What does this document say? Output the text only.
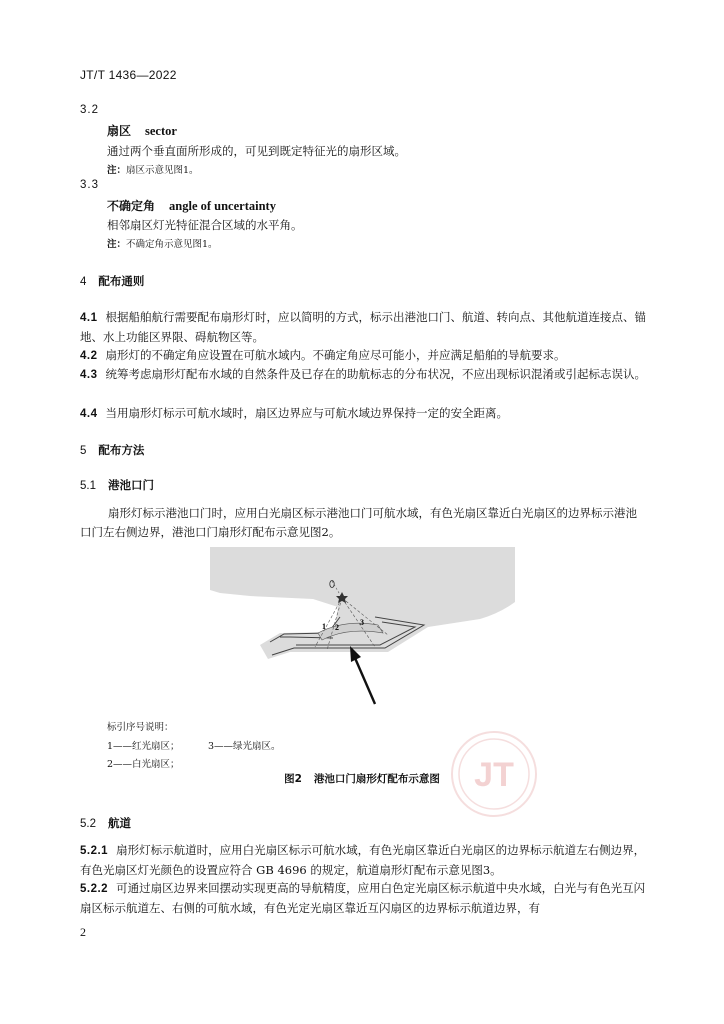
JT/T 1436—2022
3.2
扇区 sector
通过两个垂直面所形成的，可见到既定特征光的扇形区域。
注：扇区示意见图1。
3.3
不确定角 angle of uncertainty
相邻扇区灯光特征混合区域的水平角。
注：不确定角示意见图1。
4 配布通则
4.1 根据船舶航行需要配布扇形灯时，应以简明的方式，标示出港池口门、航道、转向点、其他航道连接点、锚地、水上功能区界限、碍航物区等。
4.2 扇形灯的不确定角应设置在可航水域内。不确定角应尽可能小，并应满足船舶的导航要求。
4.3 统筹考虑扇形灯配布水域的自然条件及已存在的助航标志的分布状况，不应出现标识混淆或引起标志误认。
4.4 当用扇形灯标示可航水域时，扇区边界应与可航水域边界保持一定的安全距离。
5 配布方法
5.1 港池口门
扇形灯标示港池口门时，应用白光扇区标示港池口门可航水域，有色光扇区靠近白光扇区的边界标示港池口门左右侧边界，港池口门扇形灯配布示意见图2。
1 2
3
标引序号说明：
1——红光扇区；	3——绿光扇区。
2——白光扇区；
图2 港池口门扇形灯配布示意图	JT
5.2 航道
5.2.1 扇形灯标示航道时，应用白光扇区标示可航水域，有色光扇区靠近白光扇区的边界标示航道左右侧边界，有色光扇区灯光颜色的设置应符合 GB 4696 的规定，航道扇形灯配布示意见图3。
5.2.2 可通过扇区边界来回摆动实现更高的导航精度，应用白色定光扇区标示航道中央水域，白光与有色光互闪扇区标示航道左、右侧的可航水域，有色光定光扇区靠近互闪扇区的边界标示航道边界，有
2
